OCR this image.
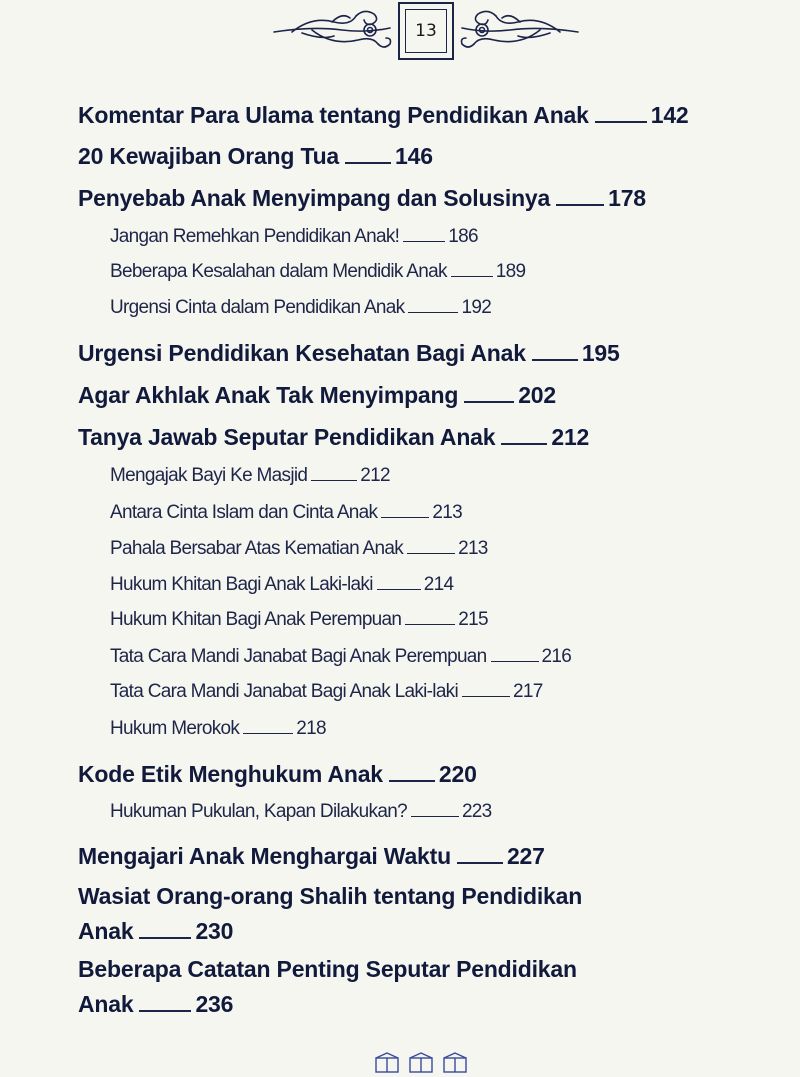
13
Komentar Para Ulama tentang Pendidikan Anak	142
20 Kewajiban Orang Tua 146
Penyebab Anak Menyimpang dan Solusinya	178
Jangan Remehkan Pendidikan Anak!	186
Beberapa Kesalahan dalam Mendidik Anak	189
Urgensi Cinta dalam Pendidikan Anak	192
Urgensi Pendidikan Kesehatan Bagi Anak 195
Agar Akhlak Anak Tak Menyimpang	202
Tanya Jawab Seputar Pendidikan Anak 212
Mengajak Bayi Ke Masjid	212
Antara Cinta Islam dan Cinta Anak	213
Pahala Bersabar Atas Kematian Anak	213
Hukum Khitan Bagi Anak Laki-laki	214
Hukum Khitan Bagi Anak Perempuan	215
Tata Cara Mandi Janabat Bagi Anak Perempuan	216
Tata Cara Mandi Janabat Bagi Anak Laki-laki	217
Hukum Merokok	218
Kode Etik Menghukum Anak 220
Hukuman Pukulan, Kapan Dilakukan?	223
Mengajari Anak Menghargai Waktu 227
Wasiat Orang-orang Shalih tentang Pendidikan
Anak	230
Beberapa Catatan Penting Seputar Pendidikan
Anak	236
